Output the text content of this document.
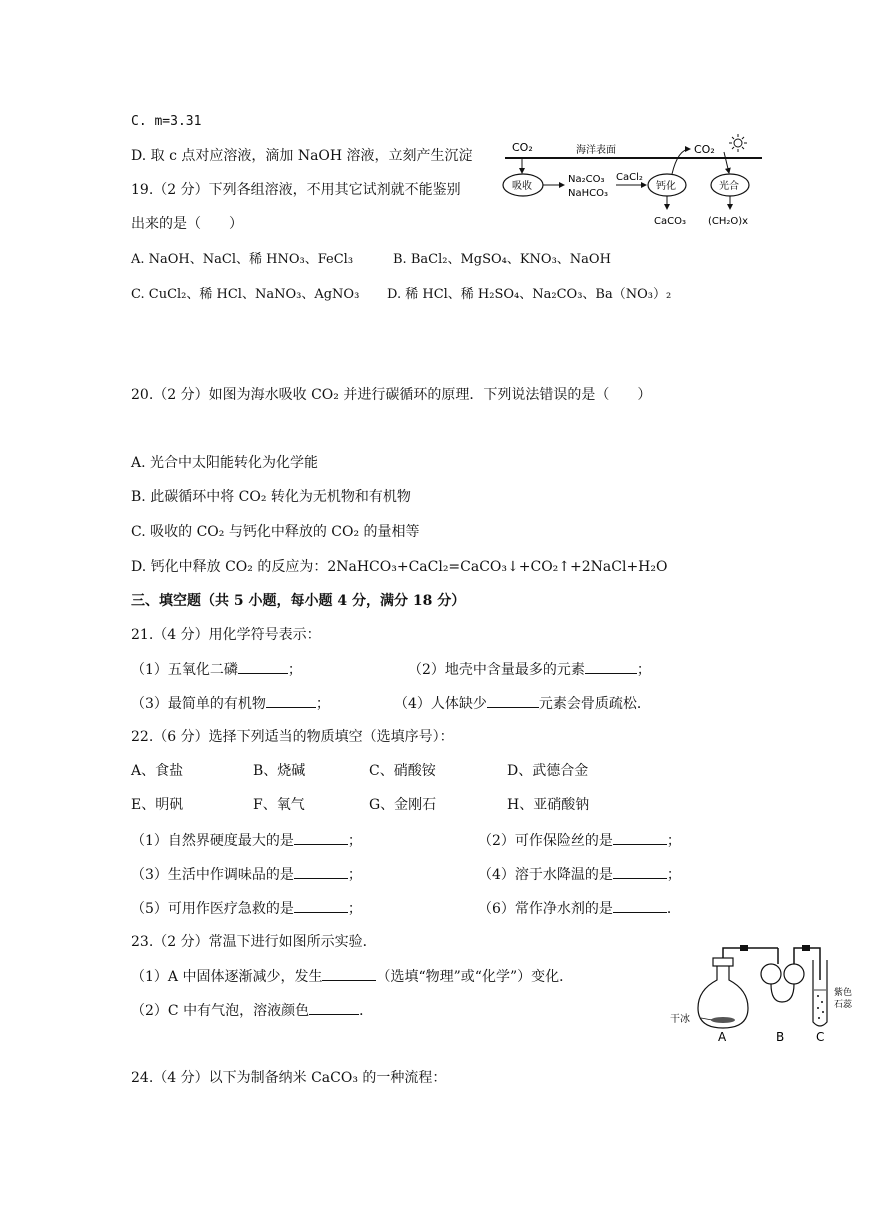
C. m=3.31
D. 取 c 点对应溶液，滴加 NaOH 溶液，立刻产生沉淀
19.（2 分）下列各组溶液，不用其它试剂就不能鉴别
出来的是（　　）
A. NaOH、NaCl、稀 HNO₃、FeCl₃	B. BaCl₂、MgSO₄、KNO₃、NaOH
C. CuCl₂、稀 HCl、NaNO₃、AgNO₃ D. 稀 HCl、稀 H₂SO₄、Na₂CO₃、Ba（NO₃）₂
CO₂	海洋表面
吸收
Na₂CO₃
NaHCO₃
CaCl₂
钙化
CaCO₃
CO₂
光合
(CH₂O)x
20.（2 分）如图为海水吸收 CO₂ 并进行碳循环的原理．下列说法错误的是（　　）
A. 光合中太阳能转化为化学能
B. 此碳循环中将 CO₂ 转化为无机物和有机物
C. 吸收的 CO₂ 与钙化中释放的 CO₂ 的量相等
D. 钙化中释放 CO₂ 的反应为：2NaHCO₃+CaCl₂=CaCO₃↓+CO₂↑+2NaCl+H₂O
三、填空题（共 5 小题，每小题 4 分，满分 18 分）
21.（4 分）用化学符号表示：
（1）五氧化二磷	；	（2）地壳中含量最多的元素	；
（3）最简单的有机物	；	（4）人体缺少	元素会骨质疏松．
22.（6 分）选择下列适当的物质填空（选填序号）：
A、食盐	B、烧碱	C、硝酸铵	D、武德合金
E、明矾	F、氧气	G、金刚石	H、亚硝酸钠
（1）自然界硬度最大的是	；	（2）可作保险丝的是	；
（3）生活中作调味品的是	；	（4）溶于水降温的是	；
（5）可用作医疗急救的是	；	（6）常作净水剂的是	．
23.（2 分）常温下进行如图所示实验．
（1）A 中固体逐渐减少，发生	（选填“物理”或“化学”）变化．
（2）C 中有气泡，溶液颜色	．
干冰
紫色
石蕊
A	B	C
24.（4 分）以下为制备纳米 CaCO₃ 的一种流程：
